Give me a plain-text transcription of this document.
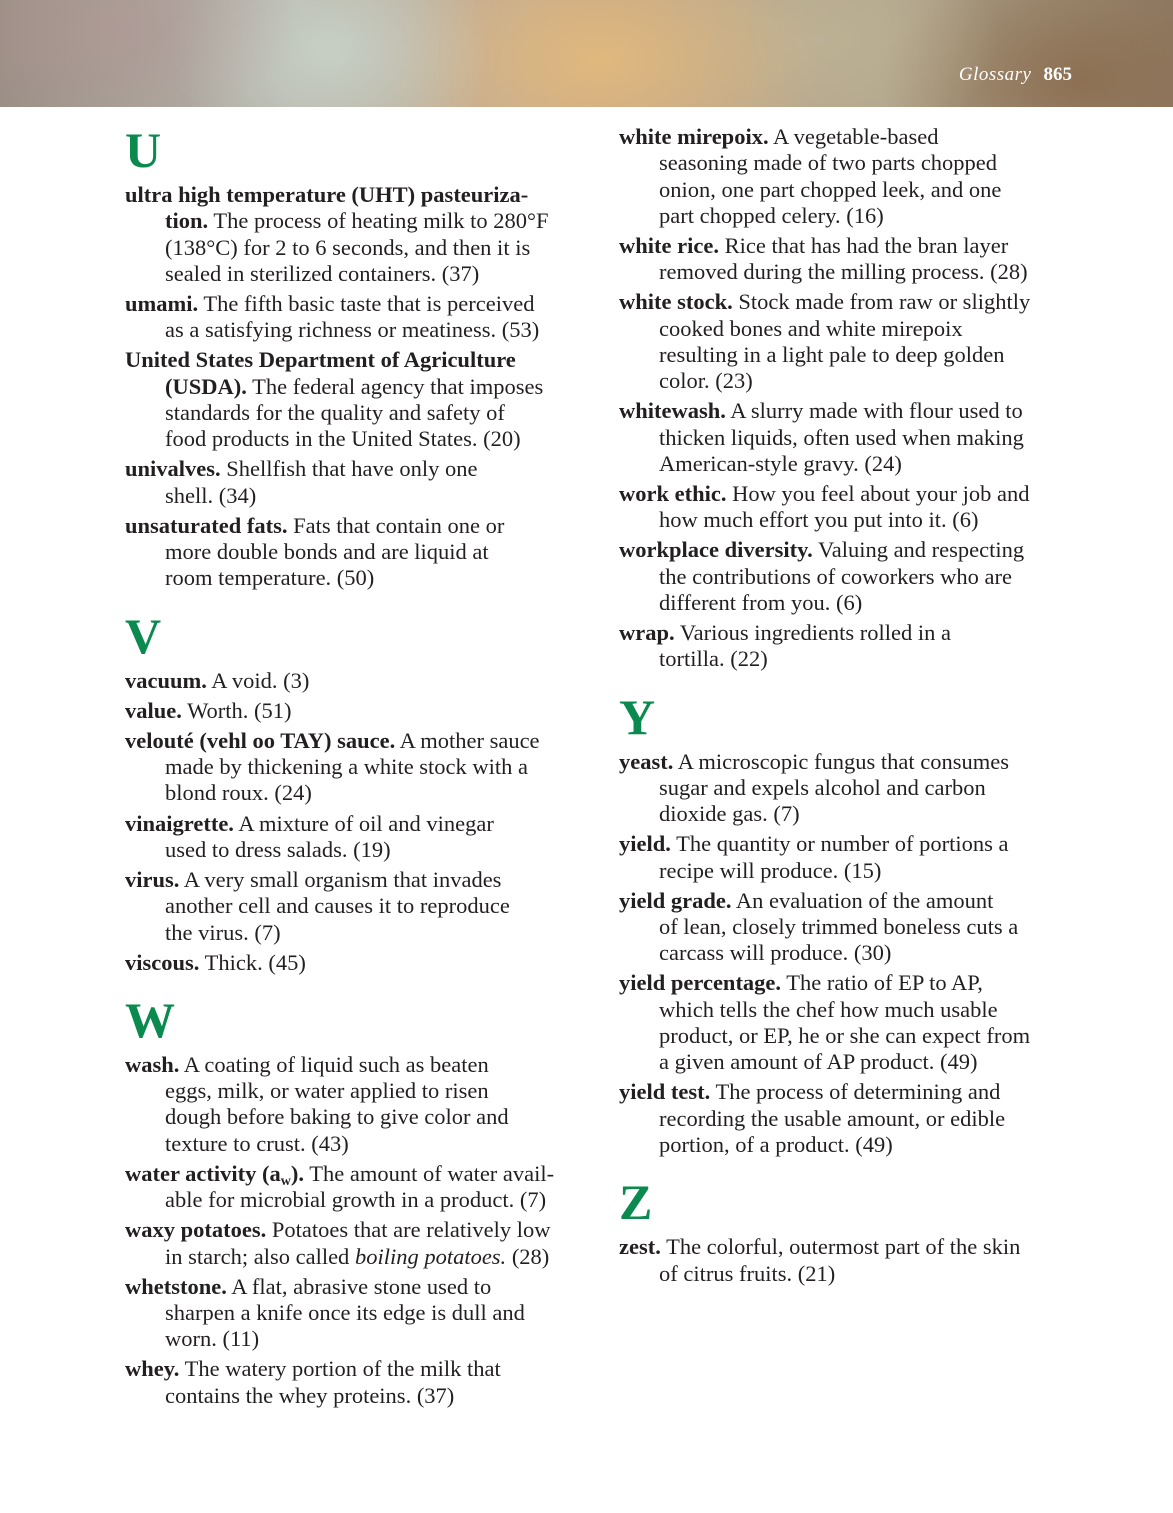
Glossary 865
U
ultra high temperature (UHT) pasteuriza-
tion. The process of heating milk to 280°F
(138°C) for 2 to 6 seconds, and then it is
sealed in sterilized containers. (37)
umami. The fifth basic taste that is perceived
as a satisfying richness or meatiness. (53)
United States Department of Agriculture
(USDA). The federal agency that imposes
standards for the quality and safety of
food products in the United States. (20)
univalves. Shellfish that have only one
shell. (34)
unsaturated fats. Fats that contain one or
more double bonds and are liquid at
room temperature. (50)
V
vacuum. A void. (3)
value. Worth. (51)
velouté (vehl oo TAY) sauce. A mother sauce
made by thickening a white stock with a
blond roux. (24)
vinaigrette. A mixture of oil and vinegar
used to dress salads. (19)
virus. A very small organism that invades
another cell and causes it to reproduce
the virus. (7)
viscous. Thick. (45)
W
wash. A coating of liquid such as beaten
eggs, milk, or water applied to risen
dough before baking to give color and
texture to crust. (43)
water activity $(a_w)$. The amount of water avail-
able for microbial growth in a product. (7)
waxy potatoes. Potatoes that are relatively low
in starch; also called boiling potatoes. (28)
whetstone. A flat, abrasive stone used to
sharpen a knife once its edge is dull and
worn. (11)
whey. The watery portion of the milk that
contains the whey proteins. (37)
white mirepoix. A vegetable-based
seasoning made of two parts chopped
onion, one part chopped leek, and one
part chopped celery. (16)
white rice. Rice that has had the bran layer
removed during the milling process. (28)
white stock. Stock made from raw or slightly
cooked bones and white mirepoix
resulting in a light pale to deep golden
color. (23)
whitewash. A slurry made with flour used to
thicken liquids, often used when making
American-style gravy. (24)
work ethic. How you feel about your job and
how much effort you put into it. (6)
workplace diversity. Valuing and respecting
the contributions of coworkers who are
different from you. (6)
wrap. Various ingredients rolled in a
tortilla. (22)
Y
yeast. A microscopic fungus that consumes
sugar and expels alcohol and carbon
dioxide gas. (7)
yield. The quantity or number of portions a
recipe will produce. (15)
yield grade. An evaluation of the amount
of lean, closely trimmed boneless cuts a
carcass will produce. (30)
yield percentage. The ratio of EP to AP,
which tells the chef how much usable
product, or EP, he or she can expect from
a given amount of AP product. (49)
yield test. The process of determining and
recording the usable amount, or edible
portion, of a product. (49)
Z
zest. The colorful, outermost part of the skin
of citrus fruits. (21)
